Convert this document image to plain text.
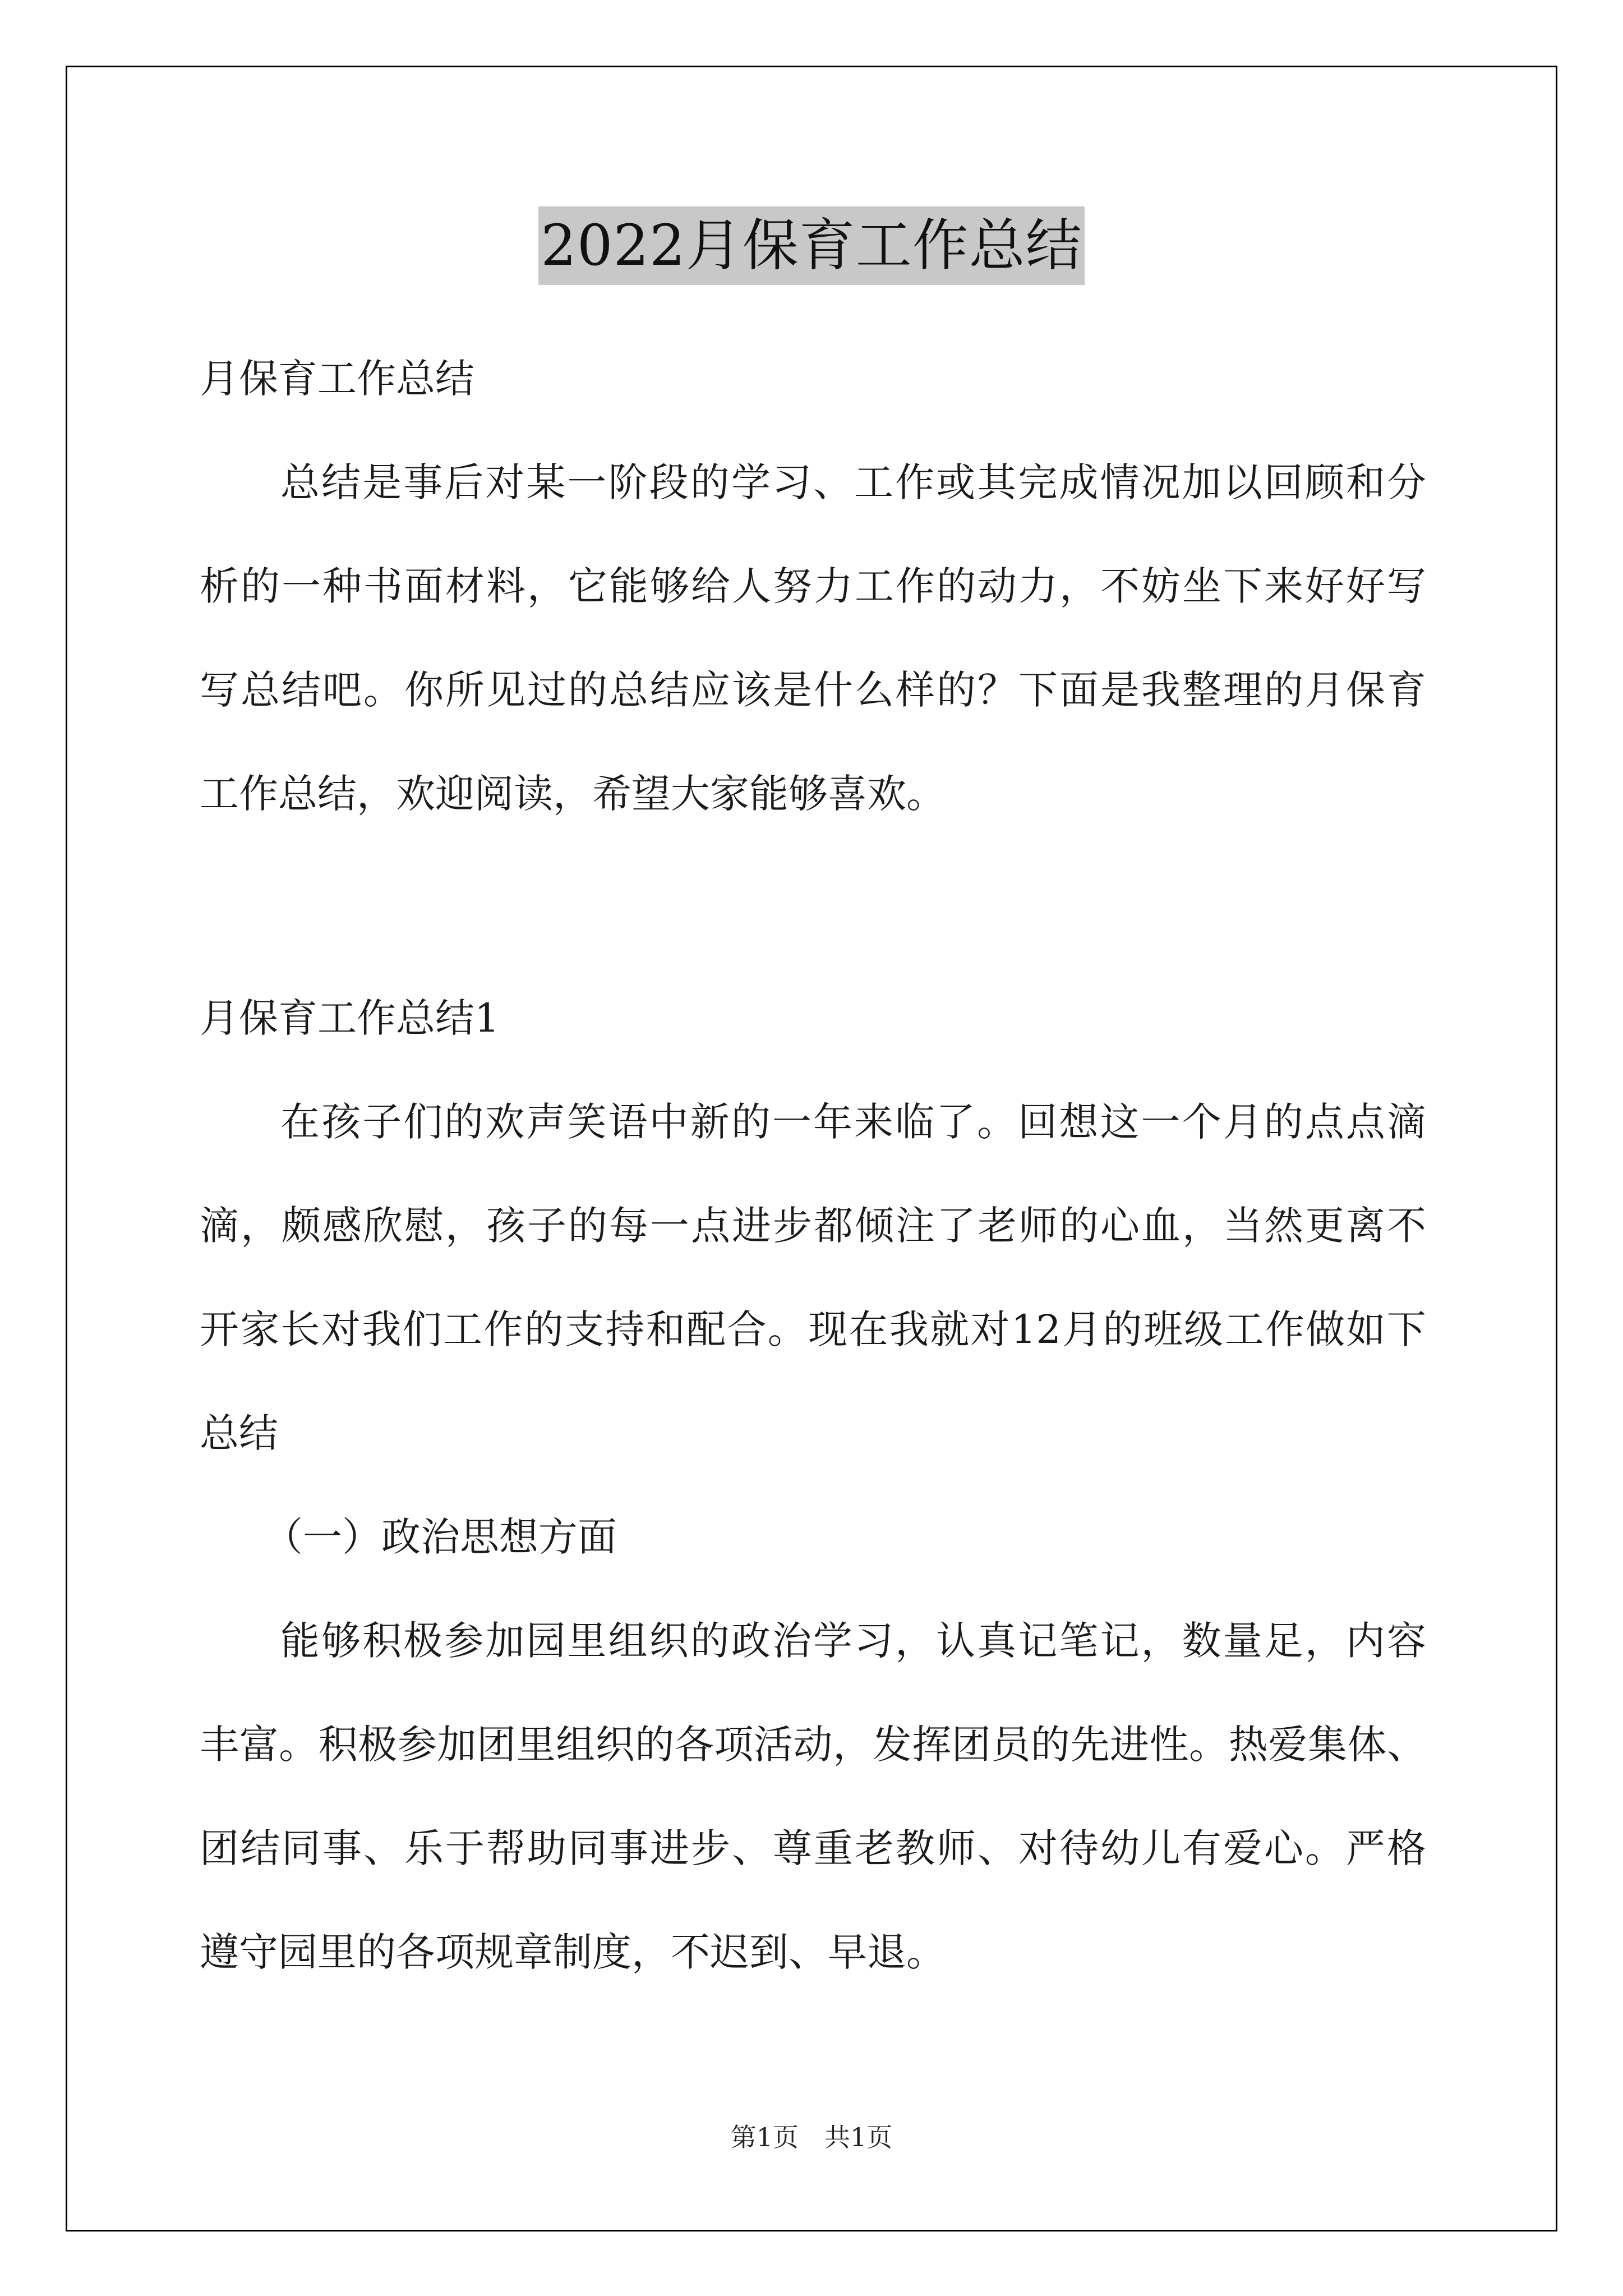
2022月保育工作总结
月保育工作总结
总结是事后对某一阶段的学习、工作或其完成情况加以回顾和分
析的一种书面材料，它能够给人努力工作的动力，不妨坐下来好好写
写总结吧。你所见过的总结应该是什么样的？下面是我整理的月保育
工作总结，欢迎阅读，希望大家能够喜欢。
月保育工作总结1
在孩子们的欢声笑语中新的一年来临了。回想这一个月的点点滴
滴，颇感欣慰，孩子的每一点进步都倾注了老师的心血，当然更离不
开家长对我们工作的支持和配合。现在我就对12月的班级工作做如下
总结
（一）政治思想方面
能够积极参加园里组织的政治学习，认真记笔记，数量足，内容
丰富。积极参加团里组织的各项活动，发挥团员的先进性。热爱集体、
团结同事、乐于帮助同事进步、尊重老教师、对待幼儿有爱心。严格
遵守园里的各项规章制度，不迟到、早退。
第1页　共1页
